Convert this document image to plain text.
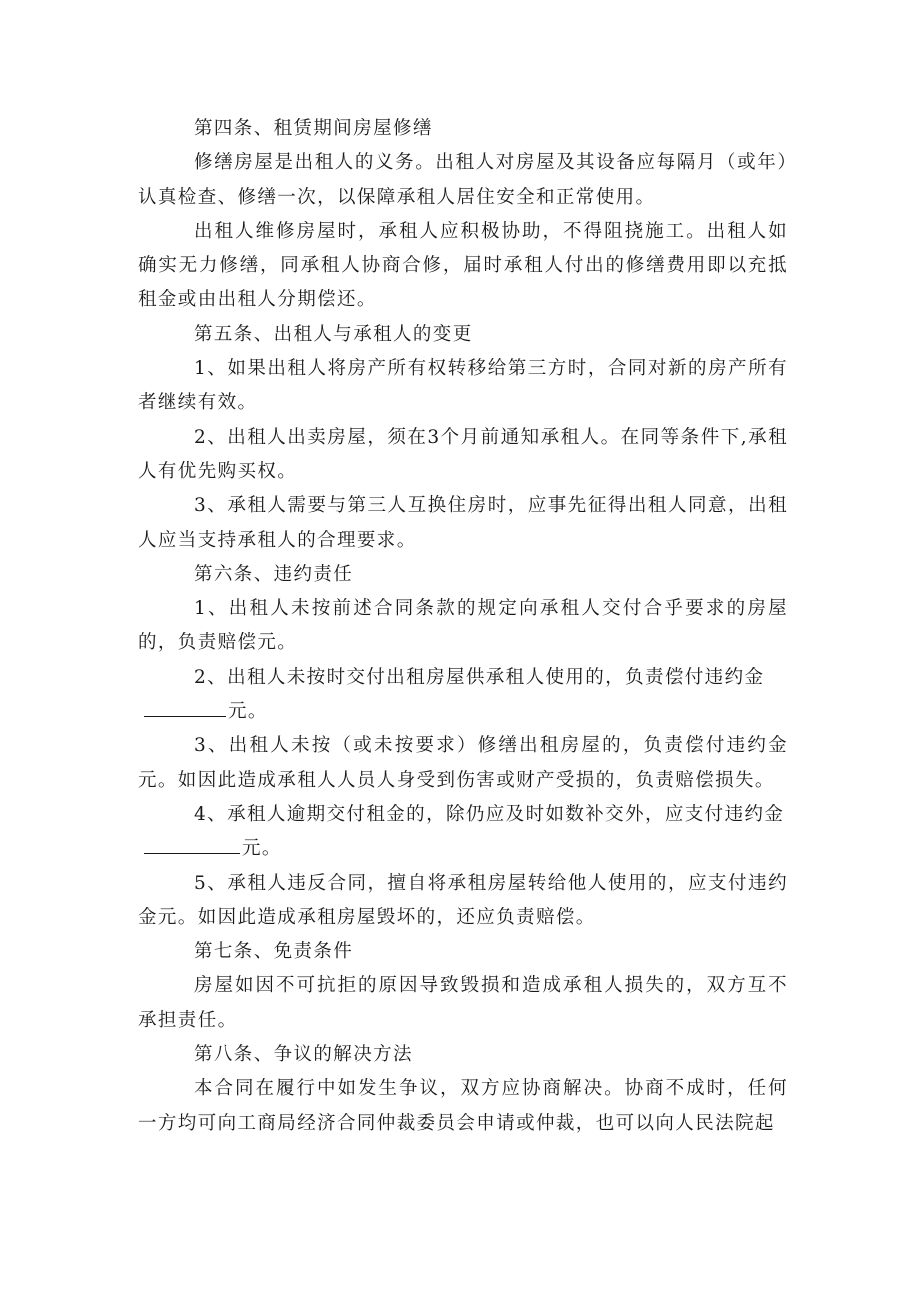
第四条、租赁期间房屋修缮

修缮房屋是出租人的义务。出租人对房屋及其设备应每隔月（或年）认真检查、修缮一次，以保障承租人居住安全和正常使用。

出租人维修房屋时，承租人应积极协助，不得阻挠施工。出租人如确实无力修缮，同承租人协商合修，届时承租人付出的修缮费用即以充抵租金或由出租人分期偿还。

第五条、出租人与承租人的变更

1、如果出租人将房产所有权转移给第三方时，合同对新的房产所有者继续有效。

2、出租人出卖房屋，须在3个月前通知承租人。在同等条件下,承租人有优先购买权。

3、承租人需要与第三人互换住房时，应事先征得出租人同意，出租人应当支持承租人的合理要求。

第六条、违约责任

1、出租人未按前述合同条款的规定向承租人交付合乎要求的房屋的，负责赔偿元。

2、出租人未按时交付出租房屋供承租人使用的，负责偿付违约金

元。

3、出租人未按（或未按要求）修缮出租房屋的，负责偿付违约金元。如因此造成承租人人员人身受到伤害或财产受损的，负责赔偿损失。

4、承租人逾期交付租金的，除仍应及时如数补交外，应支付违约金

元。

5、承租人违反合同，擅自将承租房屋转给他人使用的，应支付违约金元。如因此造成承租房屋毁坏的，还应负责赔偿。

第七条、免责条件

房屋如因不可抗拒的原因导致毁损和造成承租人损失的，双方互不承担责任。

第八条、争议的解决方法

本合同在履行中如发生争议，双方应协商解决。协商不成时，任何一方均可向工商局经济合同仲裁委员会申请或仲裁，也可以向人民法院起
